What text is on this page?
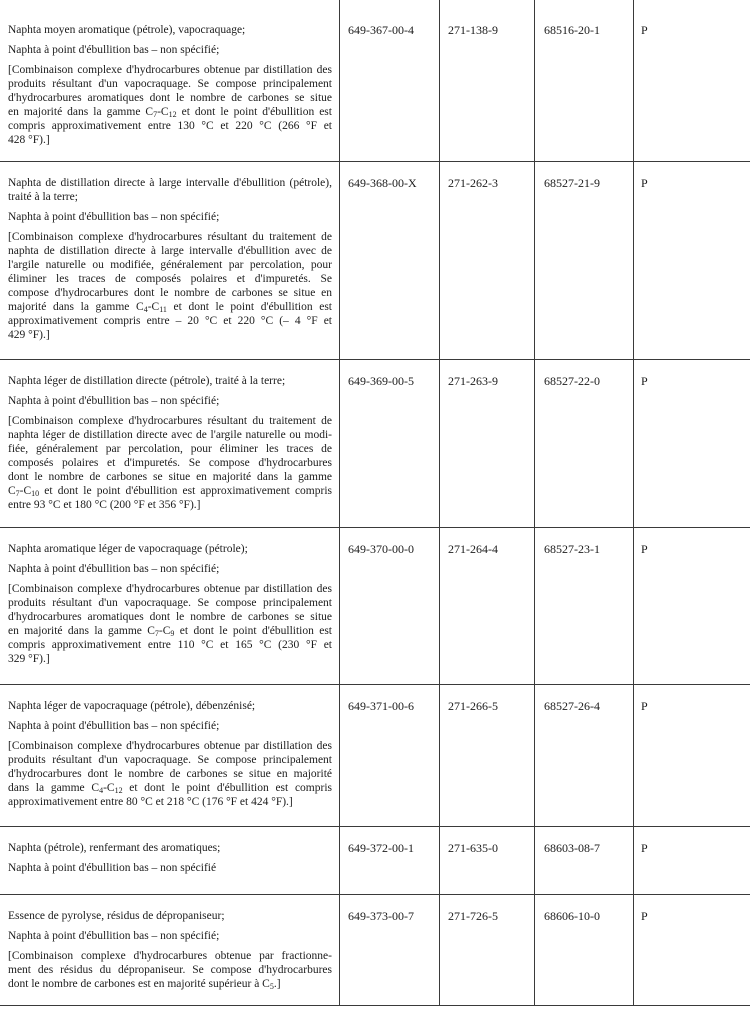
Naphta moyen aromatique (pétrole), vapocraquage;
Naphta à point d'ébullition bas – non spécifié;
[Combinaison complexe d'hydrocarbures obtenue par distillation des
produits résultant d'un vapocraquage. Se compose principalement
d'hydrocarbures aromatiques dont le nombre de carbones se situe
en majorité dans la gamme $C_7-C_{12}$ et dont le point d'ébullition est
compris approximativement entre 130 °C et 220 °C (266 °F et
428 °F).]
649-367-00-4	271-138-9	68516-20-1	P
Naphta de distillation directe à large intervalle d'ébullition (pétrole),
traité à la terre;
Naphta à point d'ébullition bas – non spécifié;
[Combinaison complexe d'hydrocarbures résultant du traitement de
naphta de distillation directe à large intervalle d'ébullition avec de
l'argile naturelle ou modifiée, généralement par percolation, pour
éliminer les traces de composés polaires et d'impuretés. Se
compose d'hydrocarbures dont le nombre de carbones se situe en
majorité dans la gamme $C_4-C_{11}$ et dont le point d'ébullition est
approximativement compris entre – 20 °C et 220 °C (– 4 °F et
429 °F).]
649-368-00-X	271-262-3	68527-21-9	P
Naphta léger de distillation directe (pétrole), traité à la terre;
Naphta à point d'ébullition bas – non spécifié;
[Combinaison complexe d'hydrocarbures résultant du traitement de
naphta léger de distillation directe avec de l'argile naturelle ou modi-
fiée, généralement par percolation, pour éliminer les traces de
composés polaires et d'impuretés. Se compose d'hydrocarbures
dont le nombre de carbones se situe en majorité dans la gamme
$C_7-C_{10}$ et dont le point d'ébullition est approximativement compris
entre 93 °C et 180 °C (200 °F et 356 °F).]
649-369-00-5	271-263-9	68527-22-0	P
Naphta aromatique léger de vapocraquage (pétrole);
Naphta à point d'ébullition bas – non spécifié;
[Combinaison complexe d'hydrocarbures obtenue par distillation des
produits résultant d'un vapocraquage. Se compose principalement
d'hydrocarbures aromatiques dont le nombre de carbones se situe
en majorité dans la gamme $C_7-C_9$ et dont le point d'ébullition est
compris approximativement entre 110 °C et 165 °C (230 °F et
329 °F).]
649-370-00-0	271-264-4	68527-23-1	P
Naphta léger de vapocraquage (pétrole), débenzénisé;
Naphta à point d'ébullition bas – non spécifié;
[Combinaison complexe d'hydrocarbures obtenue par distillation des
produits résultant d'un vapocraquage. Se compose principalement
d'hydrocarbures dont le nombre de carbones se situe en majorité
dans la gamme $C_4-C_{12}$ et dont le point d'ébullition est compris
approximativement entre 80 °C et 218 °C (176 °F et 424 °F).]
649-371-00-6	271-266-5	68527-26-4	P
Naphta (pétrole), renfermant des aromatiques;
Naphta à point d'ébullition bas – non spécifié
649-372-00-1	271-635-0	68603-08-7	P
Essence de pyrolyse, résidus de dépropaniseur;
Naphta à point d'ébullition bas – non spécifié;
[Combinaison complexe d'hydrocarbures obtenue par fractionne-
ment des résidus du dépropaniseur. Se compose d'hydrocarbures
dont le nombre de carbones est en majorité supérieur à $C_5$.]
649-373-00-7	271-726-5	68606-10-0	P
